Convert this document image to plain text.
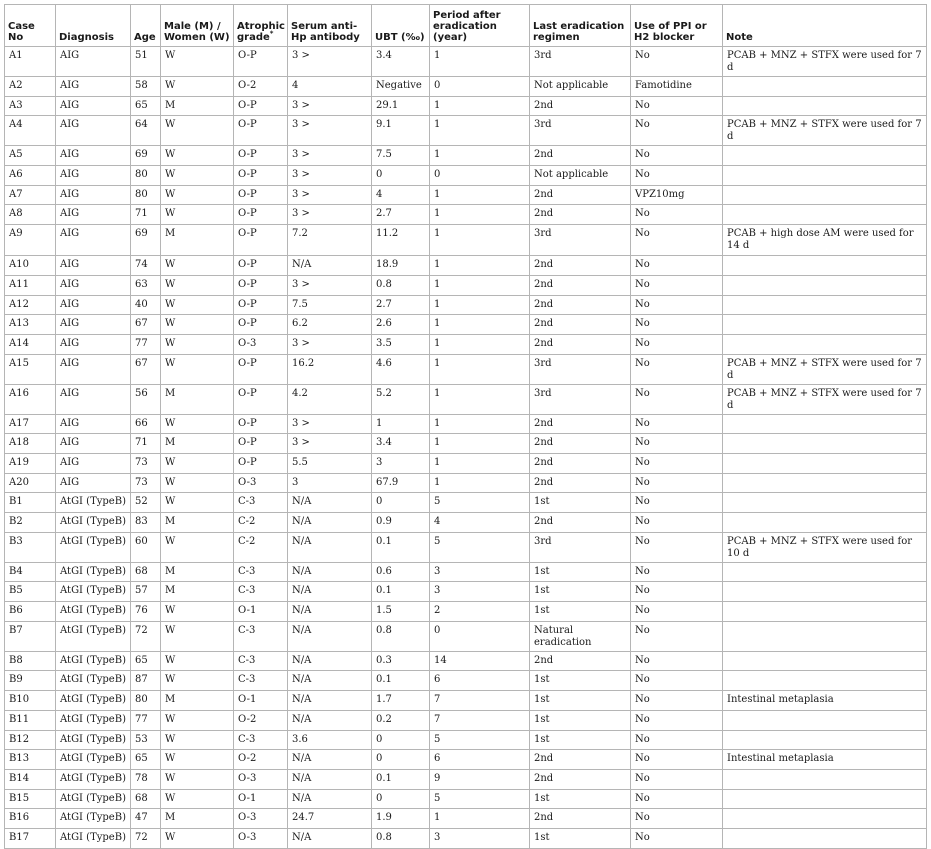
Case No	Diagnosis	Age	Male (M) / Women (W)	Atrophic grade*	Serum anti-Hp antibody	UBT (‰)	Period after eradication (year)	Last eradication regimen	Use of PPI or H2 blocker	Note
A1	AIG	51	W	O-P	3 >	3.4	1	3rd	No	PCAB + MNZ + STFX were used for 7 d
A2	AIG	58	W	O-2	4	Negative	0	Not applicable	Famotidine	
A3	AIG	65	M	O-P	3 >	29.1	1	2nd	No	
A4	AIG	64	W	O-P	3 >	9.1	1	3rd	No	PCAB + MNZ + STFX were used for 7 d
A5	AIG	69	W	O-P	3 >	7.5	1	2nd	No	
A6	AIG	80	W	O-P	3 >	0	0	Not applicable	No	
A7	AIG	80	W	O-P	3 >	4	1	2nd	VPZ10mg	
A8	AIG	71	W	O-P	3 >	2.7	1	2nd	No	
A9	AIG	69	M	O-P	7.2	11.2	1	3rd	No	PCAB + high dose AM were used for 14 d
A10	AIG	74	W	O-P	N/A	18.9	1	2nd	No	
A11	AIG	63	W	O-P	3 >	0.8	1	2nd	No	
A12	AIG	40	W	O-P	7.5	2.7	1	2nd	No	
A13	AIG	67	W	O-P	6.2	2.6	1	2nd	No	
A14	AIG	77	W	O-3	3 >	3.5	1	2nd	No	
A15	AIG	67	W	O-P	16.2	4.6	1	3rd	No	PCAB + MNZ + STFX were used for 7 d
A16	AIG	56	M	O-P	4.2	5.2	1	3rd	No	PCAB + MNZ + STFX were used for 7 d
A17	AIG	66	W	O-P	3 >	1	1	2nd	No	
A18	AIG	71	M	O-P	3 >	3.4	1	2nd	No	
A19	AIG	73	W	O-P	5.5	3	1	2nd	No	
A20	AIG	73	W	O-3	3	67.9	1	2nd	No	
B1	AtGI (TypeB)	52	W	C-3	N/A	0	5	1st	No	
B2	AtGI (TypeB)	83	M	C-2	N/A	0.9	4	2nd	No	
B3	AtGI (TypeB)	60	W	C-2	N/A	0.1	5	3rd	No	PCAB + MNZ + STFX were used for 10 d
B4	AtGI (TypeB)	68	M	C-3	N/A	0.6	3	1st	No	
B5	AtGI (TypeB)	57	M	C-3	N/A	0.1	3	1st	No	
B6	AtGI (TypeB)	76	W	O-1	N/A	1.5	2	1st	No	
B7	AtGI (TypeB)	72	W	C-3	N/A	0.8	0	Natural eradication	No	
B8	AtGI (TypeB)	65	W	C-3	N/A	0.3	14	2nd	No	
B9	AtGI (TypeB)	87	W	C-3	N/A	0.1	6	1st	No	
B10	AtGI (TypeB)	80	M	O-1	N/A	1.7	7	1st	No	Intestinal metaplasia
B11	AtGI (TypeB)	77	W	O-2	N/A	0.2	7	1st	No	
B12	AtGI (TypeB)	53	W	C-3	3.6	0	5	1st	No	
B13	AtGI (TypeB)	65	W	O-2	N/A	0	6	2nd	No	Intestinal metaplasia
B14	AtGI (TypeB)	78	W	O-3	N/A	0.1	9	2nd	No	
B15	AtGI (TypeB)	68	W	O-1	N/A	0	5	1st	No	
B16	AtGI (TypeB)	47	M	O-3	24.7	1.9	1	2nd	No	
B17	AtGI (TypeB)	72	W	O-3	N/A	0.8	3	1st	No	
